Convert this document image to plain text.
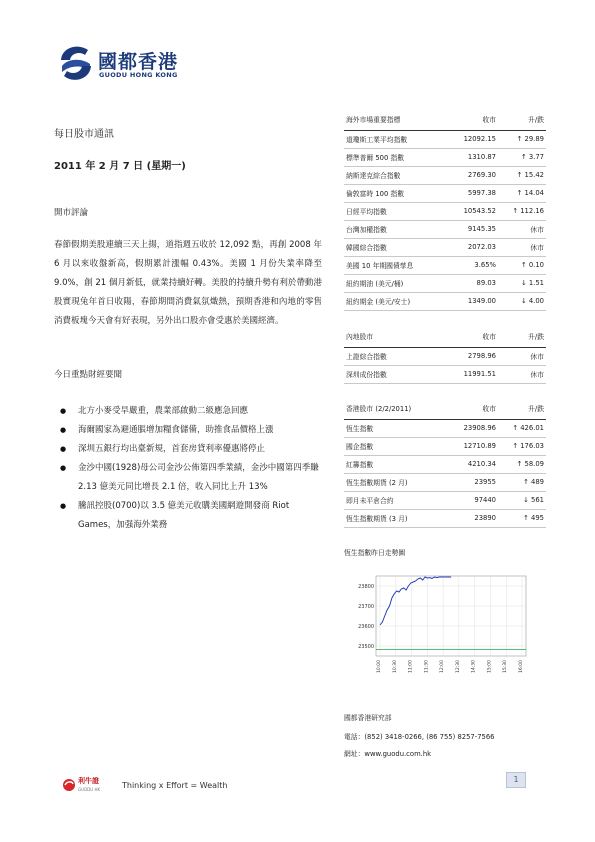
國都香港
GUODU HONG KONG
每日股市通訊
2011 年 2 月 7 日 (星期一)
開市評論
春節假期美股連續三天上揚，道指週五收於 12,092 點，再創 2008 年 6 月以來收盤新高，假期累計漲幅 0.43%。美國 1 月份失業率降至 9.0%，創 21 個月新低，就業持續好轉。美股的持續升勢有利於帶動港股實現兔年首日收陽，春節期間消費氣氛熾熱，預期香港和內地的零售消費板塊今天會有好表現，另外出口股亦會受惠於美國經濟。
今日重點財經要聞
● 北方小麥受旱嚴重，農業部啟動二級應急回應
● 海爾國家為避通脹增加糧食儲備，助推食品價格上漲
● 深圳五銀行均出臺新規，首套房貸利率優惠將停止
● 金沙中國(1928)母公司金沙公佈第四季業績，金沙中國第四季賺 2.13 億美元同比增長 2.1 倍，收入同比上升 13%
● 騰訊控股(0700)以 3.5 億美元收購美國網遊開發商 Riot Games，加强海外業務
海外市場重要指標	收市	升/跌
道瓊斯工業平均指數	12092.15	↑ 29.89
標準普爾 500 指數	1310.87	↑ 3.77
納斯達克綜合指數	2769.30	↑ 15.42
倫敦富時 100 指數	5997.38	↑ 14.04
日經平均指數	10543.52	↑ 112.16
台灣加權指數	9145.35	休市
韓國綜合指數	2072.03	休市
美國 10 年期國債孳息	3.65%	↑ 0.10
紐約期油 (美元/桶)	89.03	↓ 1.51
紐約期金 (美元/安士)	1349.00	↓ 4.00
內地股市	收市	升/跌
上證綜合指數	2798.96	休市
深圳成份指數	11991.51	休市
香港股市 (2/2/2011)	收市	升/跌
恆生指數	23908.96	↑ 426.01
國企指數	12710.89	↑ 176.03
紅籌指數	4210.34	↑ 58.09
恆生指數期貨 (2 月)	23955	↑ 489
即月未平倉合約	97440	↓ 561
恆生指數期貨 (3 月)	23890	↑ 495
恆生指數昨日走勢圖
23500
23600
23700
23800
10:00 10:30 11:00 11:30 12:00 12:30 14:30 15:00 15:30 16:00
國都香港研究部
電話：(852) 3418-0266, (86 755) 8257-7566
網址：www.guodu.com.hk
利牛證
GUODU HK	Thinking x Effort = Wealth
1
